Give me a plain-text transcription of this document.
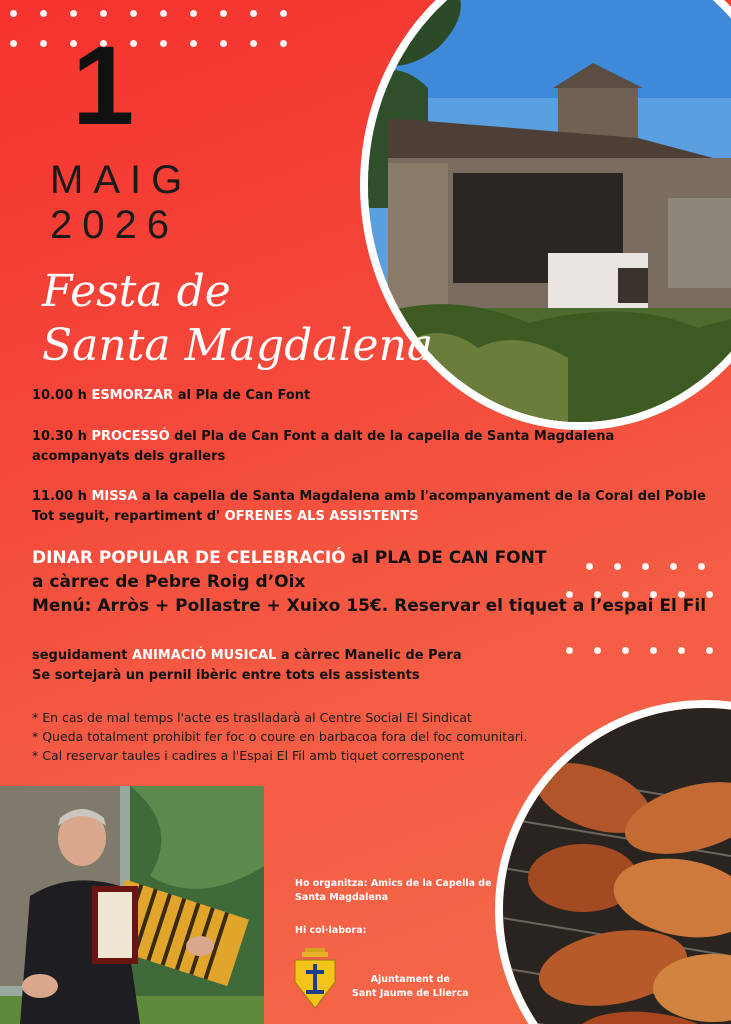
1
MAIG
2026
Festa de
Santa Magdalena
10.00 h ESMORZAR al Pla de Can Font
10.30 h PROCESSÓ del Pla de Can Font a dalt de la capella de Santa Magdalena
acompanyats dels grallers
11.00 h MISSA a la capella de Santa Magdalena amb l'acompanyament de la Coral del Poble
Tot seguit, repartiment d' OFRENES ALS ASSISTENTS
DINAR POPULAR DE CELEBRACIÓ al PLA DE CAN FONT
a càrrec de Pebre Roig d’Oix
Menú: Arròs + Pollastre + Xuixo 15€. Reservar el tiquet a l’espai El Fil
seguidament ANIMACIÓ MUSICAL a càrrec Manelic de Pera
Se sortejarà un pernil ibèric entre tots els assistents
* En cas de mal temps l'acte es traslladarà al Centre Social El Sindicat
* Queda totalment prohibit fer foc o coure en barbacoa fora del foc comunitari.
* Cal reservar taules i cadires a l'Espai El Fil amb tiquet corresponent
Ho organitza: Amics de la Capella de
Santa Magdalena
Hi col·labora:
Ajuntament de
Sant Jaume de Llierca
